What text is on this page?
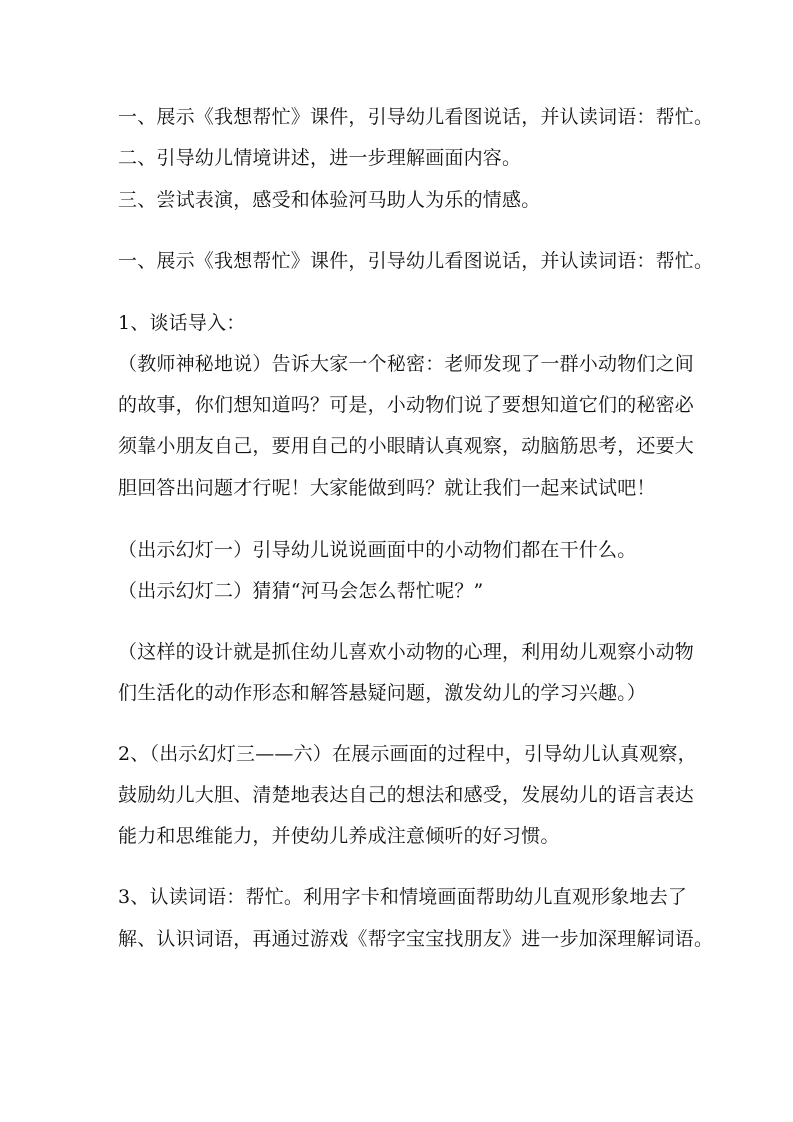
一、展示《我想帮忙》课件，引导幼儿看图说话，并认读词语：帮忙。
二、引导幼儿情境讲述，进一步理解画面内容。
三、尝试表演，感受和体验河马助人为乐的情感。
一、展示《我想帮忙》课件，引导幼儿看图说话，并认读词语：帮忙。
1、谈话导入：
（教师神秘地说）告诉大家一个秘密：老师发现了一群小动物们之间
的故事，你们想知道吗？可是，小动物们说了要想知道它们的秘密必
须靠小朋友自己，要用自己的小眼睛认真观察，动脑筋思考，还要大
胆回答出问题才行呢！大家能做到吗？就让我们一起来试试吧！
（出示幻灯一）引导幼儿说说画面中的小动物们都在干什么。
（出示幻灯二）猜猜“河马会怎么帮忙呢？”
（这样的设计就是抓住幼儿喜欢小动物的心理，利用幼儿观察小动物
们生活化的动作形态和解答悬疑问题，激发幼儿的学习兴趣。）
2、（出示幻灯三——六）在展示画面的过程中，引导幼儿认真观察，
鼓励幼儿大胆、清楚地表达自己的想法和感受，发展幼儿的语言表达
能力和思维能力，并使幼儿养成注意倾听的好习惯。
3、认读词语：帮忙。利用字卡和情境画面帮助幼儿直观形象地去了
解、认识词语，再通过游戏《帮字宝宝找朋友》进一步加深理解词语。
